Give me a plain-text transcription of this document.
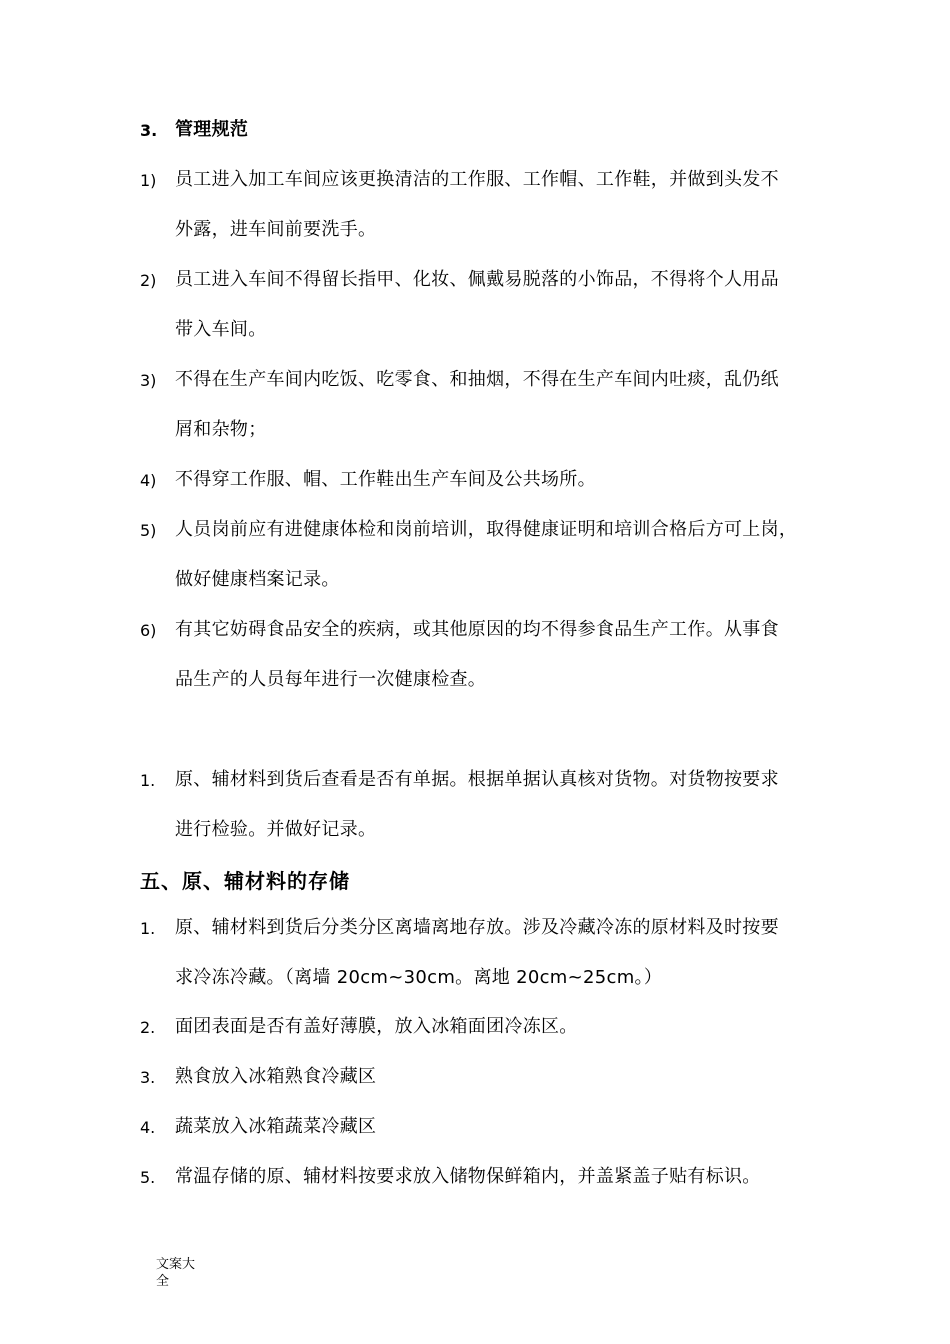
3. 管理规范
1) 员工进入加工车间应该更换清洁的工作服、工作帽、工作鞋，并做到头发不
外露，进车间前要洗手。
2) 员工进入车间不得留长指甲、化妆、佩戴易脱落的小饰品，不得将个人用品
带入车间。
3) 不得在生产车间内吃饭、吃零食、和抽烟，不得在生产车间内吐痰，乱仍纸
屑和杂物；
4) 不得穿工作服、帽、工作鞋出生产车间及公共场所。
5) 人员岗前应有进健康体检和岗前培训，取得健康证明和培训合格后方可上岗，
做好健康档案记录。
6) 有其它妨碍食品安全的疾病，或其他原因的均不得参食品生产工作。从事食
品生产的人员每年进行一次健康检查。
1. 原、辅材料到货后查看是否有单据。根据单据认真核对货物。对货物按要求
进行检验。并做好记录。
五、原、辅材料的存储
1. 原、辅材料到货后分类分区离墙离地存放。涉及冷藏冷冻的原材料及时按要
求冷冻冷藏。（离墙 20cm~30cm。离地 20cm~25cm。）
2. 面团表面是否有盖好薄膜，放入冰箱面团冷冻区。
3. 熟食放入冰箱熟食冷藏区
4. 蔬菜放入冰箱蔬菜冷藏区
5. 常温存储的原、辅材料按要求放入储物保鲜箱内，并盖紧盖子贴有标识。
文案大全
